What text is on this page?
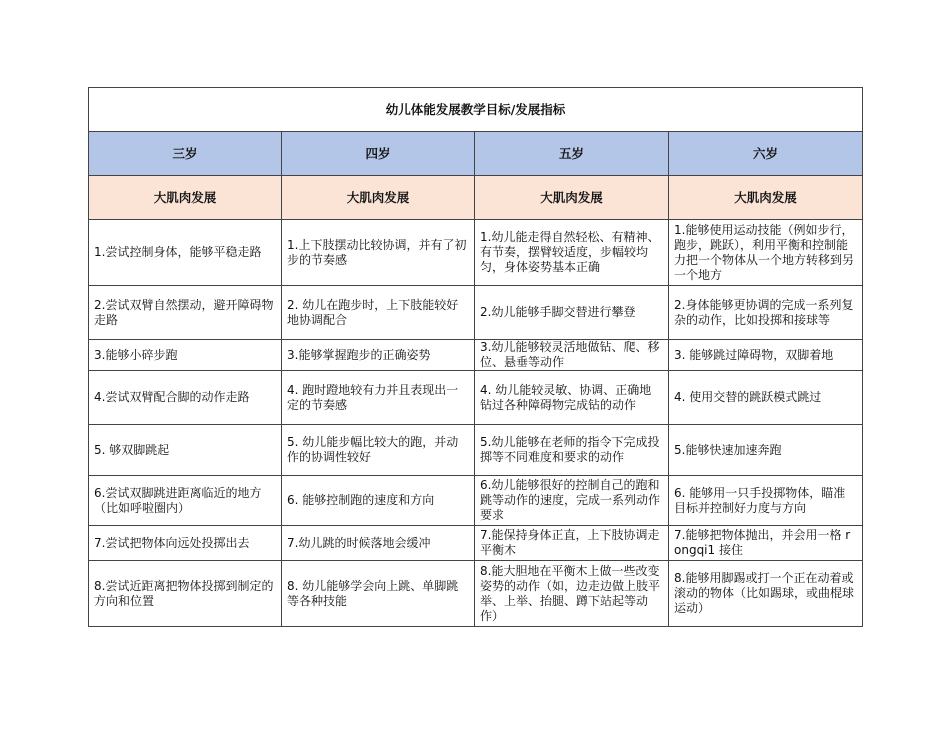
幼儿体能发展教学目标/发展指标			
三岁	四岁	五岁	六岁
大肌肉发展	大肌肉发展	大肌肉发展	大肌肉发展
1.尝试控制身体，能够平稳走路	1.上下肢摆动比较协调，并有了初步的节奏感	1.幼儿能走得自然轻松、有精神、有节奏，摆臂较适度，步幅较均匀，身体姿势基本正确	1.能够使用运动技能（例如步行，跑步，跳跃），利用平衡和控制能力把一个物体从一个地方转移到另一个地方
2.尝试双臂自然摆动，避开障碍物走路	2. 幼儿在跑步时，上下肢能较好地协调配合	2.幼儿能够手脚交替进行攀登	2.身体能够更协调的完成一系列复杂的动作，比如投掷和接球等
3.能够小碎步跑	3.能够掌握跑步的正确姿势	3.幼儿能够较灵活地做钻、爬、移位、悬垂等动作	3. 能够跳过障碍物，双脚着地
4.尝试双臂配合脚的动作走路	4. 跑时蹬地较有力并且表现出一定的节奏感	4. 幼儿能较灵敏、协调、正确地钻过各种障碍物完成钻的动作	4. 使用交替的跳跃模式跳过
5. 够双脚跳起	5. 幼儿能步幅比较大的跑，并动作的协调性较好	5.幼儿能够在老师的指令下完成投掷等不同难度和要求的动作	5.能够快速加速奔跑
6.尝试双脚跳进距离临近的地方（比如呼啦圈内）	6. 能够控制跑的速度和方向	6.幼儿能够很好的控制自己的跑和跳等动作的速度，完成一系列动作要求	6. 能够用一只手投掷物体，瞄准目标并控制好力度与方向
7.尝试把物体向远处投掷出去	7.幼儿跳的时候落地会缓冲	7.能保持身体正直，上下肢协调走平衡木	7.能够把物体抛出，并会用一格 rongqi1 接住
8.尝试近距离把物体投掷到制定的方向和位置	8. 幼儿能够学会向上跳、单脚跳等各种技能	8.能大胆地在平衡木上做一些改变姿势的动作（如，边走边做上肢平举、上举、抬腿、蹲下站起等动作）	8.能够用脚踢或打一个正在动着或滚动的物体（比如踢球，或曲棍球运动）
